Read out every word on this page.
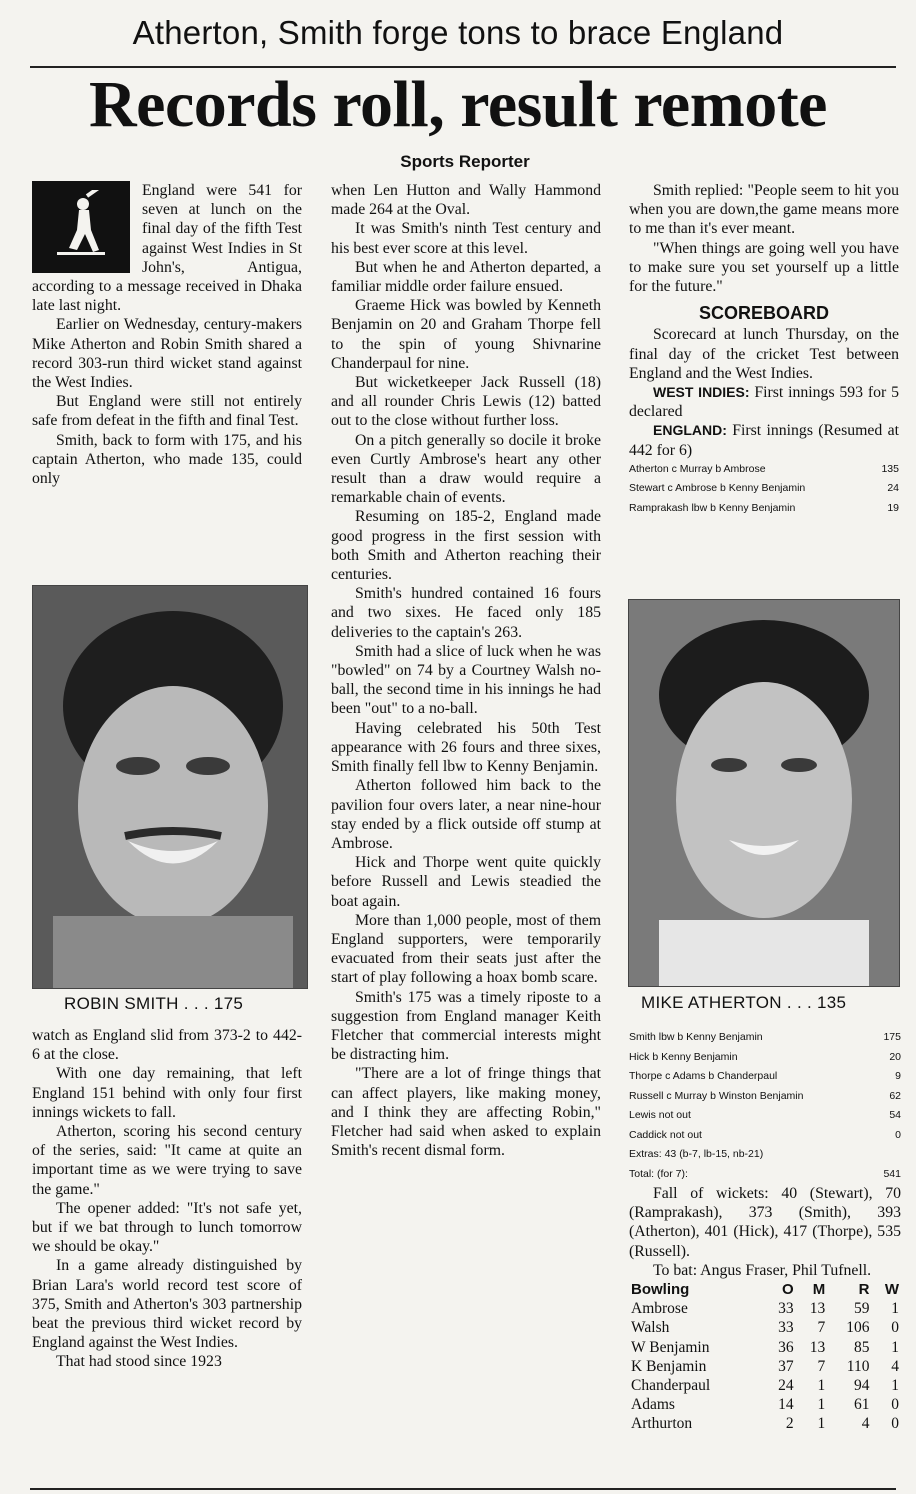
Atherton, Smith forge tons to brace England
Records roll, result remote
Sports Reporter

England were 541 for seven at lunch on the final day of the fifth Test against West Indies in St John's, Antigua, according to a message received in Dhaka late last night.

Earlier on Wednesday, century-makers Mike Atherton and Robin Smith shared a record 303-run third wicket stand against the West Indies.

But England were still not entirely safe from defeat in the fifth and final Test.

Smith, back to form with 175, and his captain Atherton, who made 135, could only

ROBIN SMITH . . . 175

watch as England slid from 373-2 to 442-6 at the close.

With one day remaining, that left England 151 behind with only four first innings wickets to fall.

Atherton, scoring his second century of the series, said: "It came at quite an important time as we were trying to save the game."

The opener added: "It's not safe yet, but if we bat through to lunch tomorrow we should be okay."

In a game already distinguished by Brian Lara's world record test score of 375, Smith and Atherton's 303 partnership beat the previous third wicket record by England against the West Indies.

That had stood since 1923

when Len Hutton and Wally Hammond made 264 at the Oval.

It was Smith's ninth Test century and his best ever score at this level.

But when he and Atherton departed, a familiar middle order failure ensued.

Graeme Hick was bowled by Kenneth Benjamin on 20 and Graham Thorpe fell to the spin of young Shivnarine Chanderpaul for nine.

But wicketkeeper Jack Russell (18) and all rounder Chris Lewis (12) batted out to the close without further loss.

On a pitch generally so docile it broke even Curtly Ambrose's heart any other result than a draw would require a remarkable chain of events.

Resuming on 185-2, England made good progress in the first session with both Smith and Atherton reaching their centuries.

Smith's hundred contained 16 fours and two sixes. He faced only 185 deliveries to the captain's 263.

Smith had a slice of luck when he was "bowled" on 74 by a Courtney Walsh no-ball, the second time in his innings he had been "out" to a no-ball.

Having celebrated his 50th Test appearance with 26 fours and three sixes, Smith finally fell lbw to Kenny Benjamin.

Atherton followed him back to the pavilion four overs later, a near nine-hour stay ended by a flick outside off stump at Ambrose.

Hick and Thorpe went quite quickly before Russell and Lewis steadied the boat again.

More than 1,000 people, most of them England supporters, were temporarily evacuated from their seats just after the start of play following a hoax bomb scare.

Smith's 175 was a timely riposte to a suggestion from England manager Keith Fletcher that commercial interests might be distracting him.

"There are a lot of fringe things that can affect players, like making money, and I think they are affecting Robin," Fletcher had said when asked to explain Smith's recent dismal form.

Smith replied: "People seem to hit you when you are down,the game means more to me than it's ever meant.

"When things are going well you have to make sure you set yourself up a little for the future."

SCOREBOARD

Scorecard at lunch Thursday, on the final day of the cricket Test between England and the West Indies.

WEST INDIES: First innings 593 for 5 declared

ENGLAND: First innings (Resumed at 442 for 6)

Atherton c Murray b Ambrose	135
Stewart c Ambrose b Kenny Benjamin	24
Ramprakash lbw b Kenny Benjamin	19
MIKE ATHERTON . . . 135
Smith lbw b Kenny Benjamin	175
Hick b Kenny Benjamin	20
Thorpe c Adams b Chanderpaul	9
Russell c Murray b Winston Benjamin	62
Lewis not out	54
Caddick not out	0
Extras: 43 (b-7, lb-15, nb-21)
Total: (for 7):	541

Fall of wickets: 40 (Stewart), 70 (Ramprakash), 373 (Smith), 393 (Atherton), 401 (Hick), 417 (Thorpe), 535 (Russell).

To bat: Angus Fraser, Phil Tufnell.

Bowling	O	M	R	W
Ambrose	33	13	59	1
Walsh	33	7	106	0
W Benjamin	36	13	85	1
K Benjamin	37	7	110	4
Chanderpaul	24	1	94	1
Adams	14	1	61	0
Arthurton	2	1	4	0
